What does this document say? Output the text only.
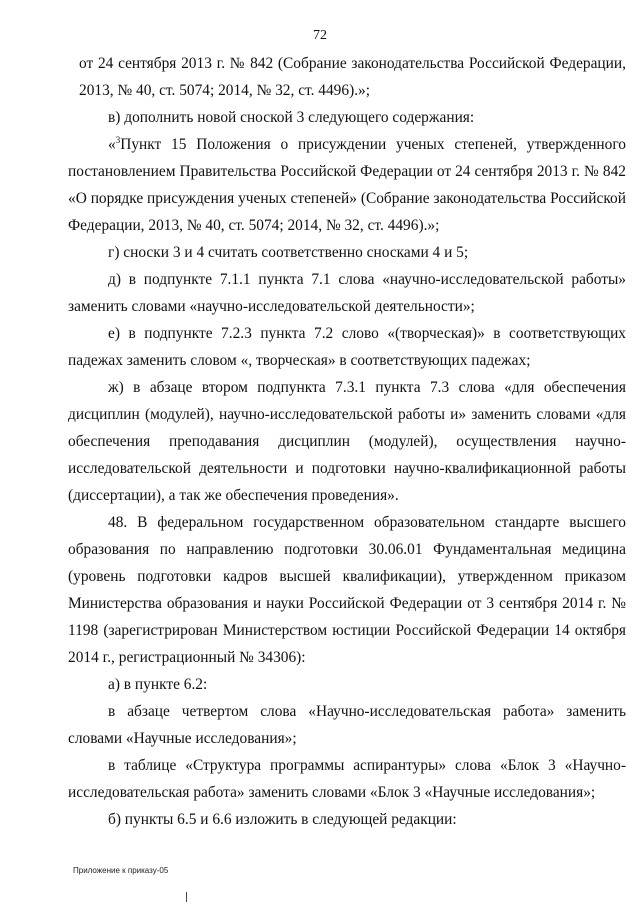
72

от 24 сентября 2013 г. № 842 (Собрание законодательства Российской Федерации, 2013, № 40, ст. 5074; 2014, № 32, ст. 4496).»;

в) дополнить новой сноской 3 следующего содержания:

«$^3$Пункт 15 Положения о присуждении ученых степеней, утвержденного постановлением Правительства Российской Федерации от 24 сентября 2013 г. № 842 «О порядке присуждения ученых степеней» (Собрание законодательства Российской Федерации, 2013, № 40, ст. 5074; 2014, № 32, ст. 4496).»;

г) сноски 3 и 4 считать соответственно сносками 4 и 5;

д) в подпункте 7.1.1 пункта 7.1 слова «научно-исследовательской работы» заменить словами «научно-исследовательской деятельности»;

е) в подпункте 7.2.3 пункта 7.2 слово «(творческая)» в соответствующих падежах заменить словом «, творческая» в соответствующих падежах;

ж) в абзаце втором подпункта 7.3.1 пункта 7.3 слова «для обеспечения дисциплин (модулей), научно-исследовательской работы и» заменить словами «для обеспечения преподавания дисциплин (модулей), осуществления научно-исследовательской деятельности и подготовки научно-квалификационной работы (диссертации), а так же обеспечения проведения».

48. В федеральном государственном образовательном стандарте высшего образования по направлению подготовки 30.06.01 Фундаментальная медицина (уровень подготовки кадров высшей квалификации), утвержденном приказом Министерства образования и науки Российской Федерации от 3 сентября 2014 г. № 1198 (зарегистрирован Министерством юстиции Российской Федерации 14 октября 2014 г., регистрационный № 34306):

а) в пункте 6.2:

в абзаце четвертом слова «Научно-исследовательская работа» заменить словами «Научные исследования»;

в таблице «Структура программы аспирантуры» слова «Блок 3 «Научно-исследовательская работа» заменить словами «Блок 3 «Научные исследования»;

б) пункты 6.5 и 6.6 изложить в следующей редакции:

Приложение к приказу-05
